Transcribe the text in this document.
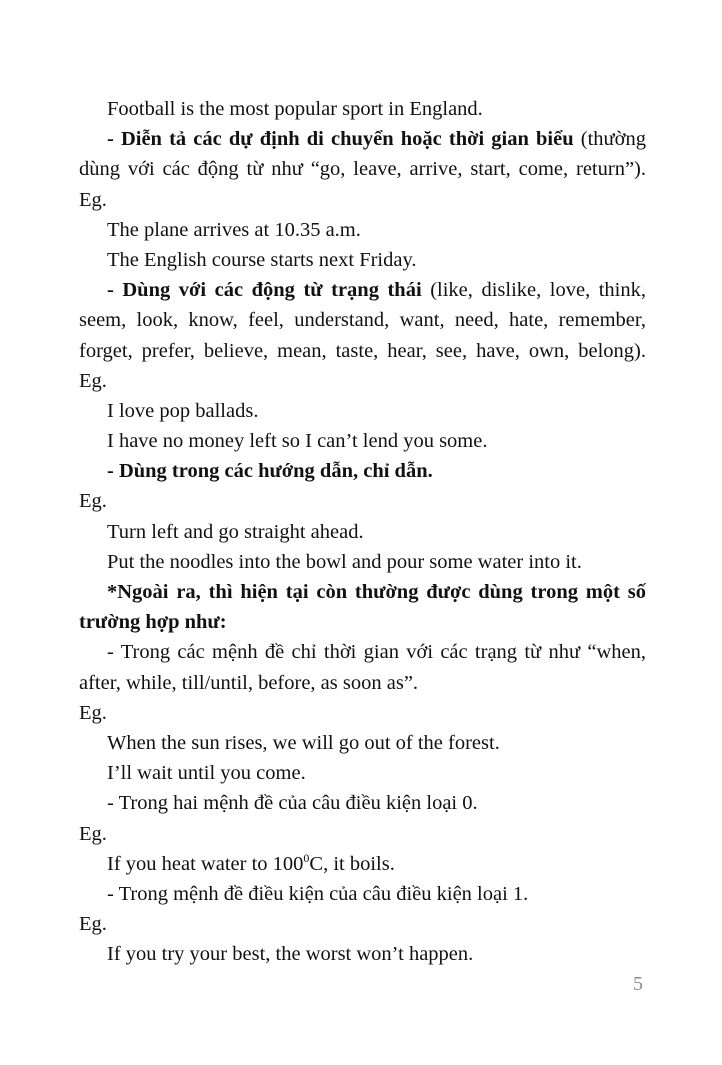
Football is the most popular sport in England.
- Diễn tả các dự định di chuyển hoặc thời gian biểu (thường
dùng với các động từ như “go, leave, arrive, start, come, return”).
Eg.
The plane arrives at 10.35 a.m.
The English course starts next Friday.
- Dùng với các động từ trạng thái (like, dislike, love, think,
seem, look, know, feel, understand, want, need, hate, remember,
forget, prefer, believe, mean, taste, hear, see, have, own, belong).
Eg.
I love pop ballads.
I have no money left so I can’t lend you some.
- Dùng trong các hướng dẫn, chỉ dẫn.
Eg.
Turn left and go straight ahead.
Put the noodles into the bowl and pour some water into it.
*Ngoài ra, thì hiện tại còn thường được dùng trong một số
trường hợp như:
- Trong các mệnh đề chỉ thời gian với các trạng từ như “when,
after, while, till/until, before, as soon as”.
Eg.
When the sun rises, we will go out of the forest.
I’ll wait until you come.
- Trong hai mệnh đề của câu điều kiện loại 0.
Eg.
If you heat water to $100^0C$, it boils.
- Trong mệnh đề điều kiện của câu điều kiện loại 1.
Eg.
If you try your best, the worst won’t happen.
5
